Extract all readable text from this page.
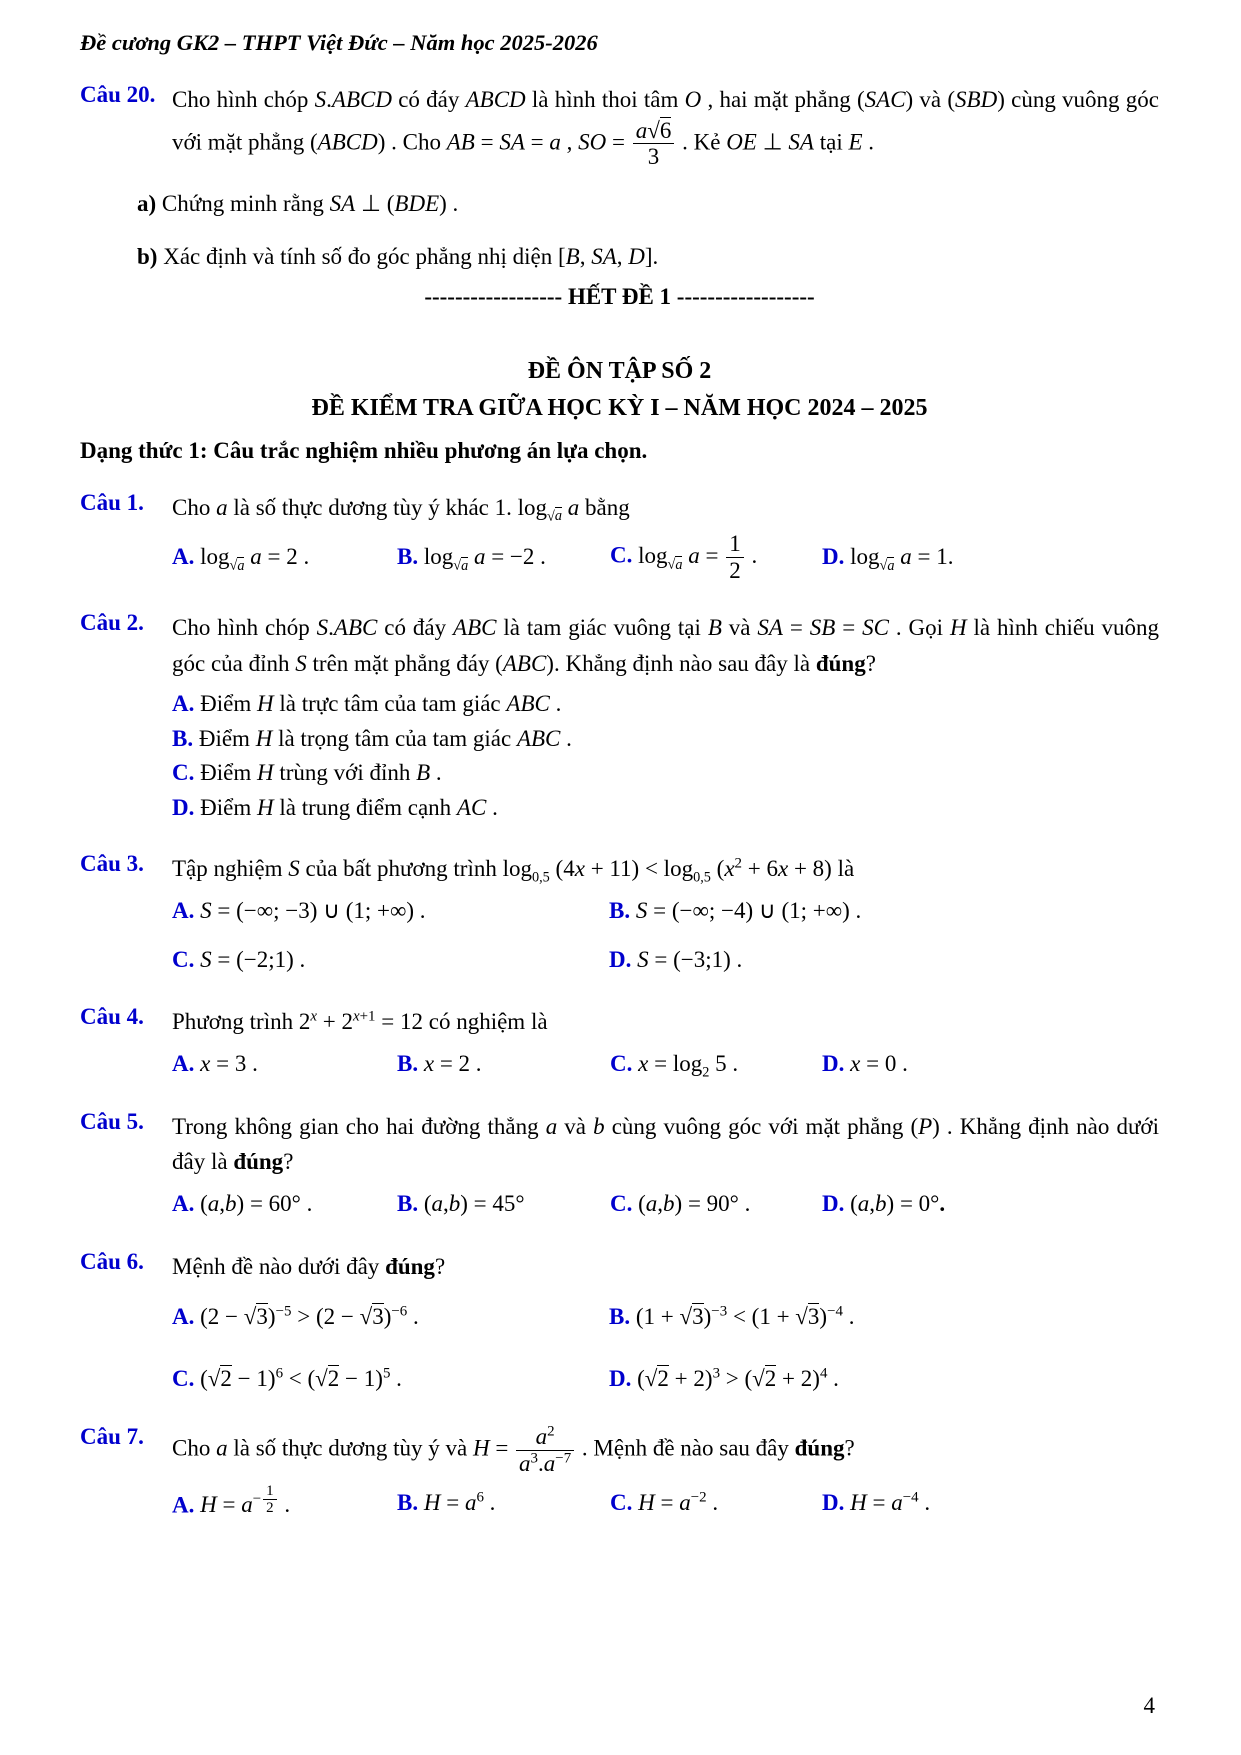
Đề cương GK2 – THPT Việt Đức – Năm học 2025-2026
Câu 20. Cho hình chóp S.ABCD có đáy ABCD là hình thoi tâm O , hai mặt phẳng (SAC) và (SBD) cùng vuông góc với mặt phẳng (ABCD) . Cho AB = SA = a , SO = $\frac{a√6}{3}$ . Kẻ OE ⊥ SA tại E .
a) Chứng minh rằng SA ⊥ (BDE) .
b) Xác định và tính số đo góc phẳng nhị diện [B, SA, D].
------------------ HẾT ĐỀ 1 ------------------
ĐỀ ÔN TẬP SỐ 2
ĐỀ KIỂM TRA GIỮA HỌC KỲ I – NĂM HỌC 2024 – 2025
Dạng thức 1: Câu trắc nghiệm nhiều phương án lựa chọn.
Câu 1.	Cho a là số thực dương tùy ý khác 1. $\log_{√a} a$ bằng
A. $\log_{√a} a = 2$ .	B. $\log_{√a} a = -2$ .	C. $\log_{√a} a = \frac{1}{2}$ .	D. $\log_{√a} a = 1$.
Câu 2.	Cho hình chóp S.ABC có đáy ABC là tam giác vuông tại B và SA = SB = SC . Gọi H là hình chiếu vuông góc của đỉnh S trên mặt phẳng đáy (ABC). Khẳng định nào sau đây là đúng?
A. Điểm H là trực tâm của tam giác ABC .
B. Điểm H là trọng tâm của tam giác ABC .
C. Điểm H trùng với đỉnh B .
D. Điểm H là trung điểm cạnh AC .
Câu 3.	Tập nghiệm S của bất phương trình $\log_{0,5} (4x + 11) < \log_{0,5} (x^2 + 6x + 8)$ là
A. S = (−∞; −3) ∪ (1; +∞) .	B. S = (−∞; −4) ∪ (1; +∞) .
C. S = (−2;1) .	D. S = (−3;1) .
Câu 4.	Phương trình $2^x + 2^{x+1} = 12$ có nghiệm là
A. x = 3 .	B. x = 2 .	C. $x = \log_2 5$ .	D. x = 0 .
Câu 5.	Trong không gian cho hai đường thẳng a và b cùng vuông góc với mặt phẳng (P) . Khẳng định nào dưới đây là đúng?
A. (a,b) = 60° .	B. (a,b) = 45°	C. (a,b) = 90° .	D. (a,b) = 0°.
Câu 6.	Mệnh đề nào dưới đây đúng?
A. $(2 - √3)^{-5} > (2 - √3)^{-6}$ .	B. $(1 + √3)^{-3} < (1 + √3)^{-4}$ .
C. $(√2 - 1)^6 < (√2 - 1)^5$ .	D. $(√2 + 2)^3 > (√2 + 2)^4$ .
Câu 7.	Cho a là số thực dương tùy ý và $H = \frac{a^2}{a^3.a^{-7}}$ . Mệnh đề nào sau đây đúng?
A. $H = a^{- \frac{1}{2}}$ .	B. $H = a^6$ .	C. $H = a^{-2}$ .	D. $H = a^{-4}$ .
4
